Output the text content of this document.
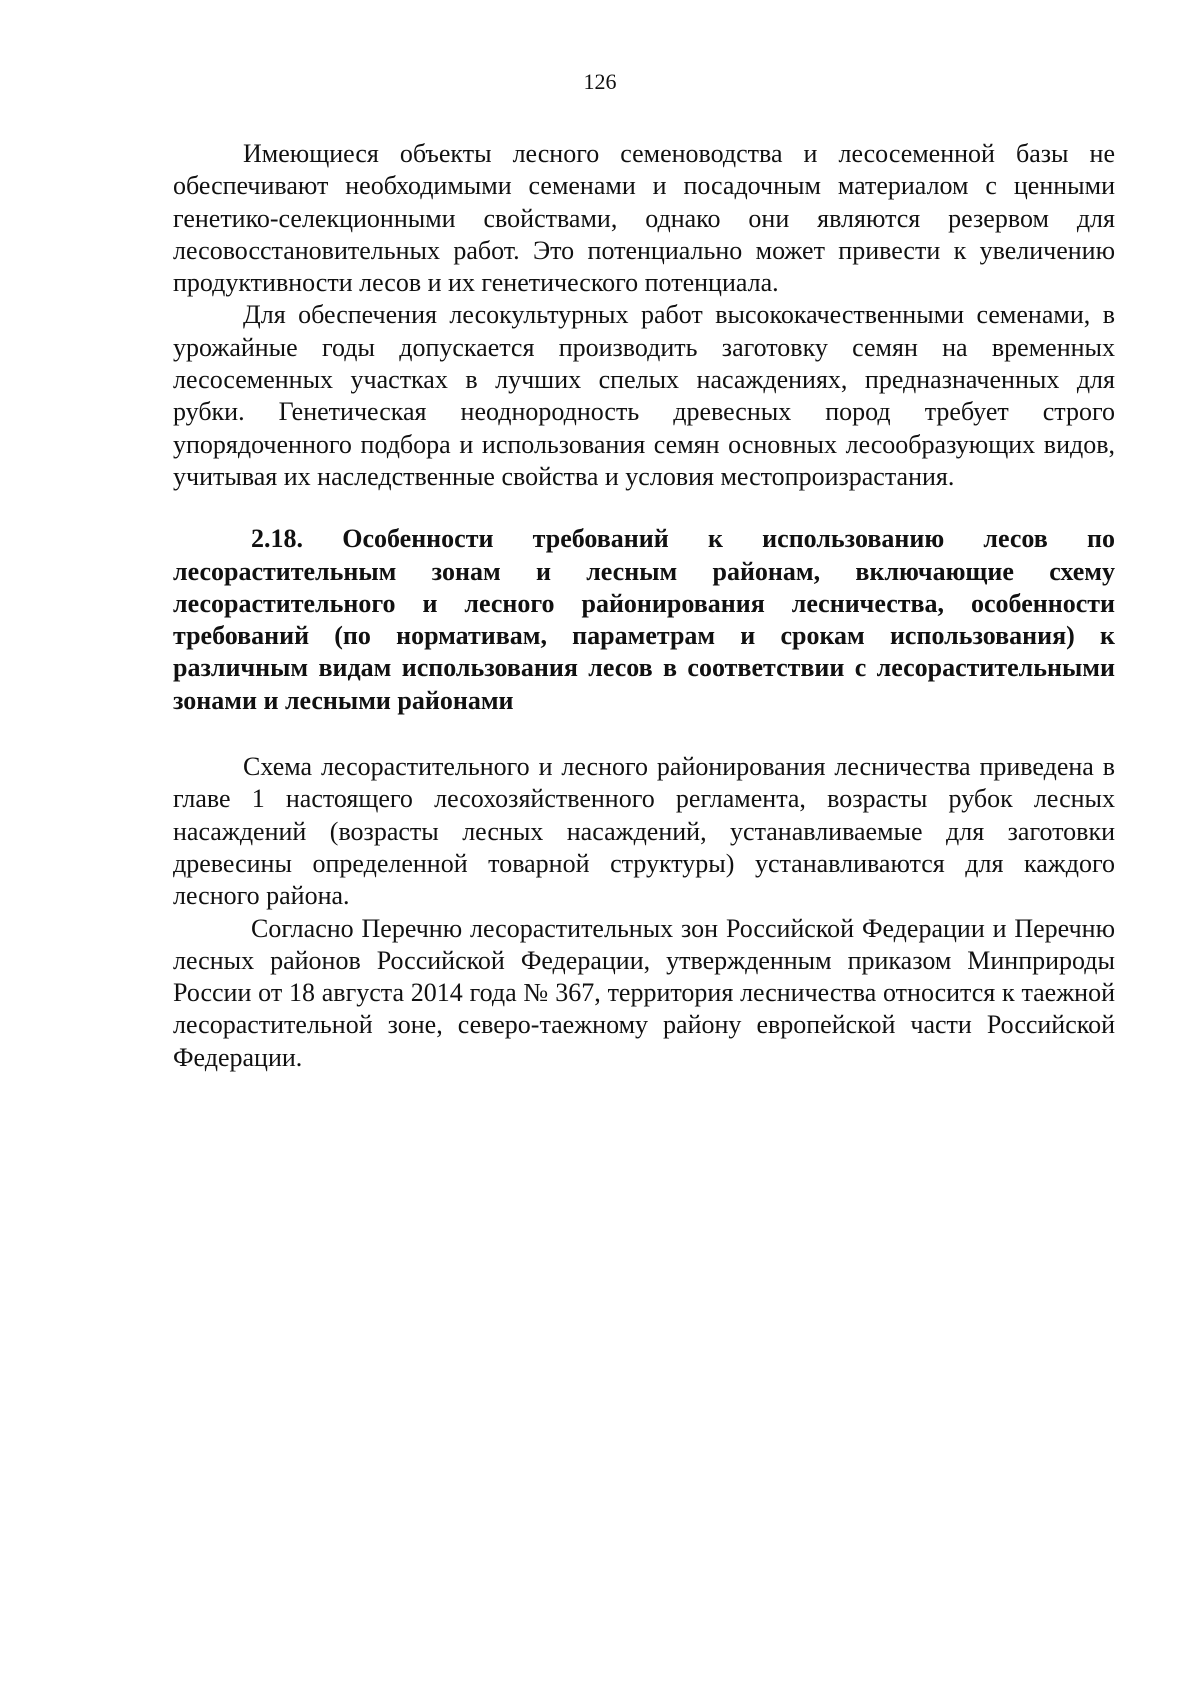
126

Имеющиеся объекты лесного семеноводства и лесосеменной базы не обеспечивают необходимыми семенами и посадочным материалом с ценными генетико-селекционными свойствами, однако они являются резервом для лесовосстановительных работ. Это потенциально может привести к увеличению продуктивности лесов и их генетического потенциала.

Для обеспечения лесокультурных работ высококачественными семенами, в урожайные годы допускается производить заготовку семян на временных лесосеменных участках в лучших спелых насаждениях, предназначенных для рубки. Генетическая неоднородность древесных пород требует строго упорядоченного подбора и использования семян основных лесообразующих видов, учитывая их наследственные свойства и условия местопроизрастания.

2.18. Особенности требований к использованию лесов по лесорастительным зонам и лесным районам, включающие схему лесорастительного и лесного районирования лесничества, особенности требований (по нормативам, параметрам и срокам использования) к различным видам использования лесов в соответствии с лесорастительными зонами и лесными районами

Схема лесорастительного и лесного районирования лесничества приведена в главе 1 настоящего лесохозяйственного регламента, возрасты рубок лесных насаждений (возрасты лесных насаждений, устанавливаемые для заготовки древесины определенной товарной структуры) устанавливаются для каждого лесного района.

Согласно Перечню лесорастительных зон Российской Федерации и Перечню лесных районов Российской Федерации, утвержденным приказом Минприроды России от 18 августа 2014 года № 367, территория лесничества относится к таежной лесорастительной зоне, северо-таежному району европейской части Российской Федерации.
